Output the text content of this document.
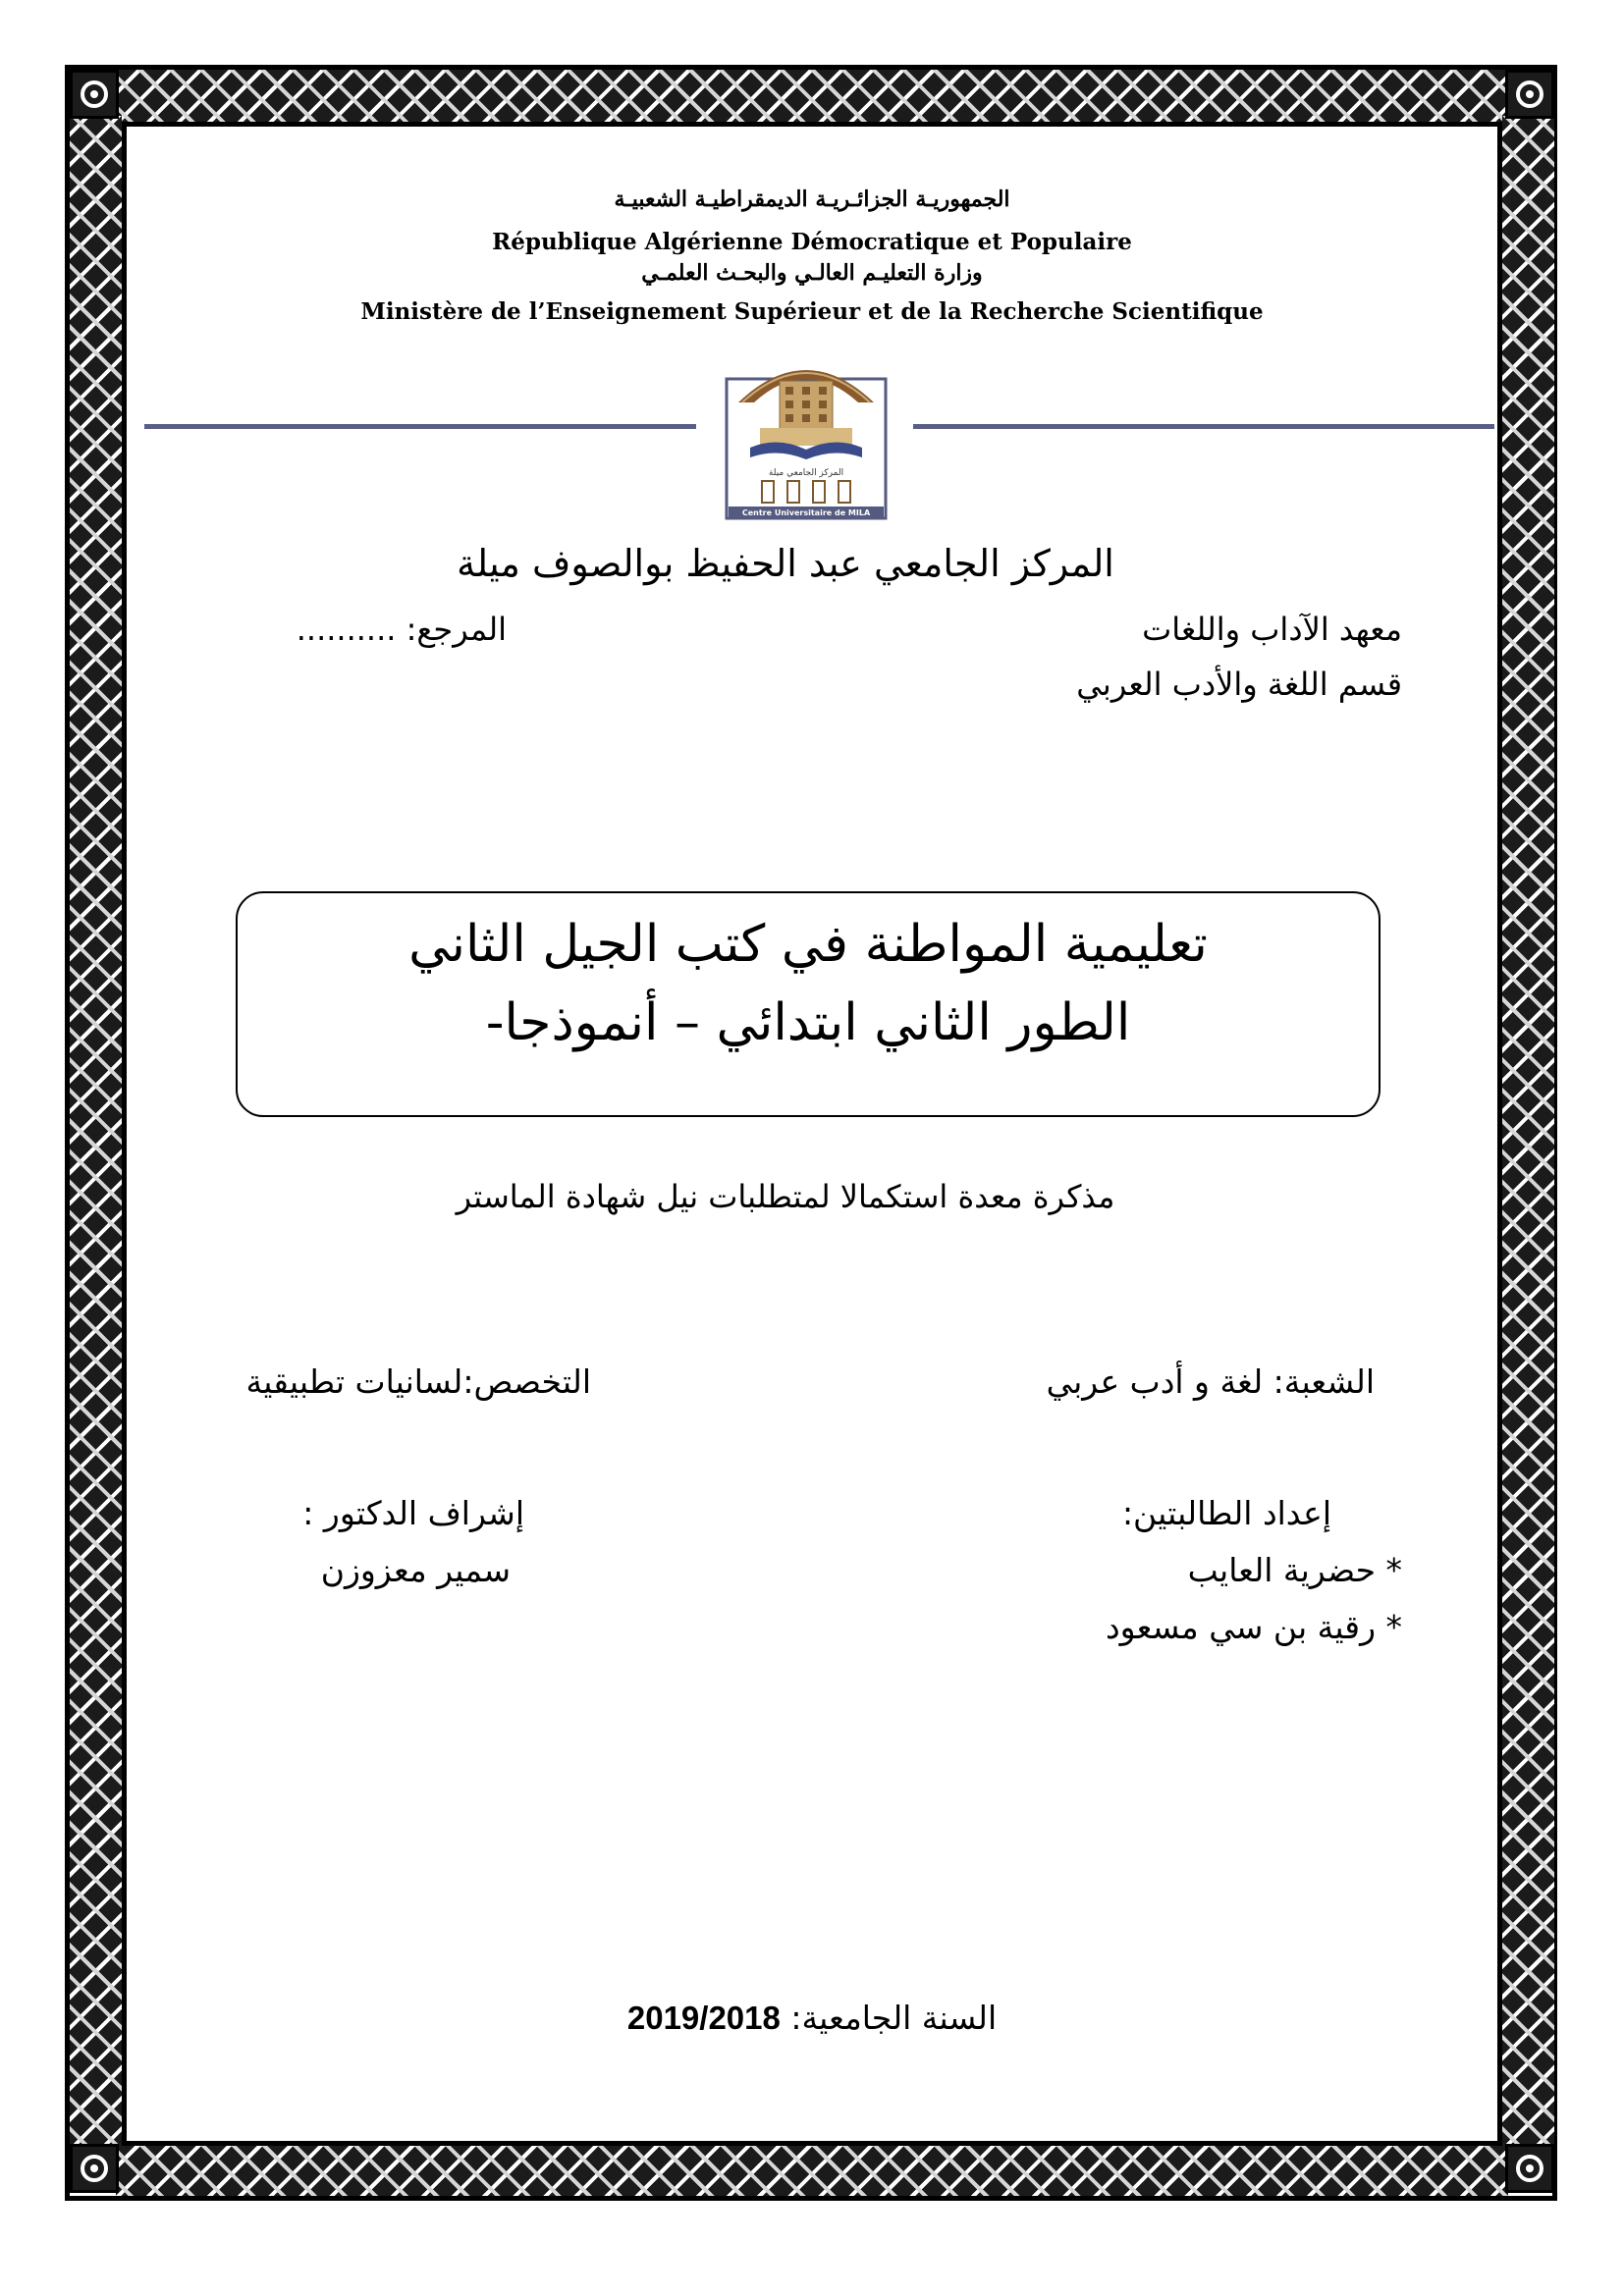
الجمهوريـة الجزائـريـة الديمقراطيـة الشعبيـة
République Algérienne Démocratique et Populaire
وزارة التعليـم العالـي والبحـث العلمـي
Ministère de l’Enseignement Supérieur et de la Recherche Scientifique
المركز الجامعي ميلة
Centre Universitaire de MILA
المركز الجامعي عبد الحفيظ بوالصوف ميلة
معهد الآداب واللغات
المرجع: ..........
قسم اللغة والأدب العربي
تعليمية المواطنة في كتب الجيل الثاني
الطور الثاني ابتدائي – أنموذجا-
مذكرة معدة استكمالا لمتطلبات نيل شهادة الماستر
الشعبة: لغة و أدب عربي
التخصص:لسانيات تطبيقية
إعداد الطالبتين:
* حضرية العايب
* رقية بن سي مسعود
إشراف الدكتور :
سمير معزوزن
2019/2018 السنة الجامعية:
